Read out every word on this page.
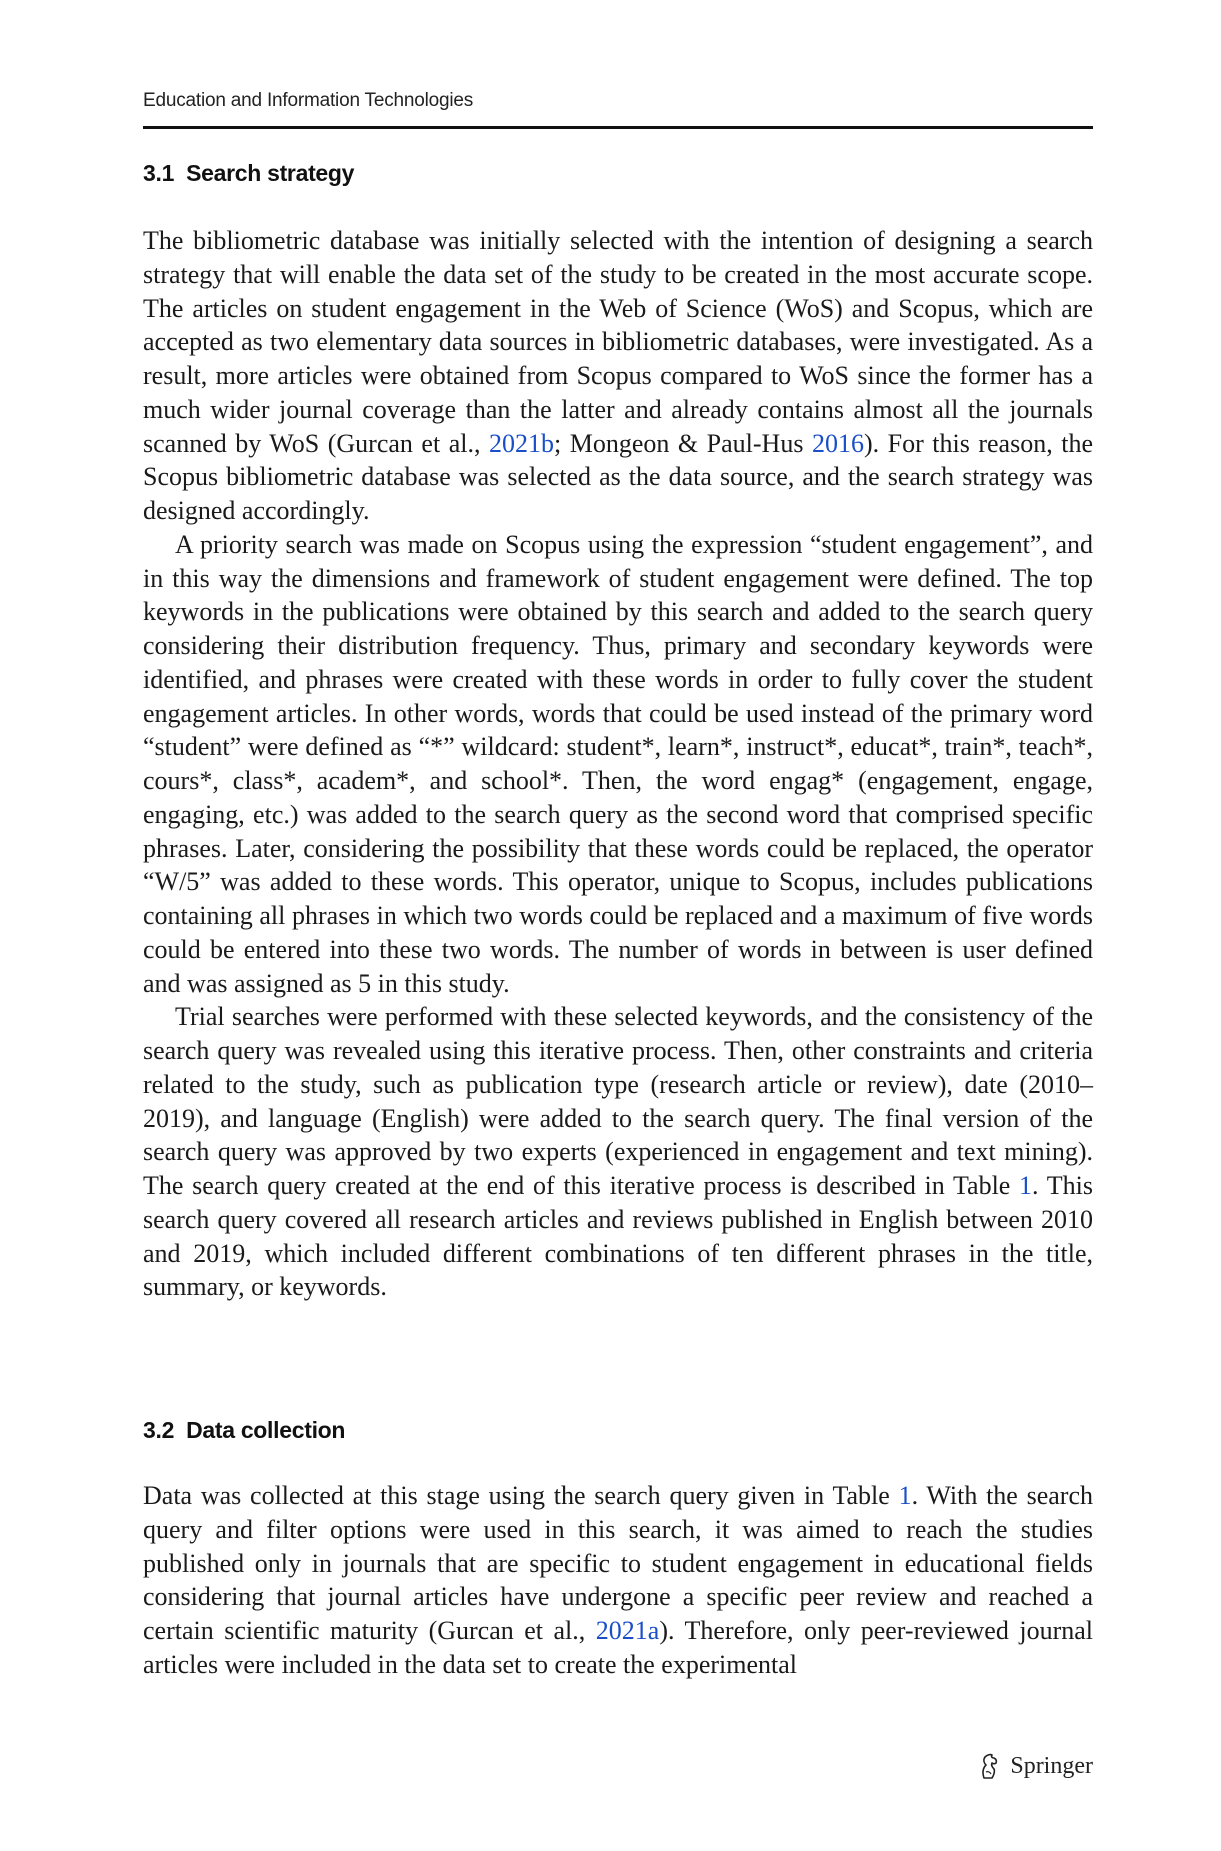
Education and Information Technologies
3.1 Search strategy

The bibliometric database was initially selected with the intention of designing a search strategy that will enable the data set of the study to be created in the most accurate scope. The articles on student engagement in the Web of Science (WoS) and Scopus, which are accepted as two elementary data sources in bibliometric databases, were investigated. As a result, more articles were obtained from Scopus compared to WoS since the former has a much wider journal coverage than the latter and already contains almost all the journals scanned by WoS (Gurcan et al., 2021b; Mongeon & Paul-Hus 2016). For this reason, the Scopus bibliometric database was selected as the data source, and the search strategy was designed accordingly.

A priority search was made on Scopus using the expression “student engagement”, and in this way the dimensions and framework of student engagement were defined. The top keywords in the publications were obtained by this search and added to the search query considering their distribution frequency. Thus, primary and secondary keywords were identified, and phrases were created with these words in order to fully cover the student engagement articles. In other words, words that could be used instead of the primary word “student” were defined as “*” wildcard: student*, learn*, instruct*, educat*, train*, teach*, cours*, class*, academ*, and school*. Then, the word engag* (engagement, engage, engaging, etc.) was added to the search query as the second word that comprised specific phrases. Later, considering the possibility that these words could be replaced, the operator “W/5” was added to these words. This operator, unique to Scopus, includes publications containing all phrases in which two words could be replaced and a maximum of five words could be entered into these two words. The number of words in between is user defined and was assigned as 5 in this study.

Trial searches were performed with these selected keywords, and the consistency of the search query was revealed using this iterative process. Then, other constraints and criteria related to the study, such as publication type (research article or review), date (2010–2019), and language (English) were added to the search query. The final version of the search query was approved by two experts (experienced in engagement and text mining). The search query created at the end of this iterative process is described in Table 1. This search query covered all research articles and reviews published in English between 2010 and 2019, which included different combinations of ten different phrases in the title, summary, or keywords.

3.2 Data collection

Data was collected at this stage using the search query given in Table 1. With the search query and filter options were used in this search, it was aimed to reach the studies published only in journals that are specific to student engagement in educational fields considering that journal articles have undergone a specific peer review and reached a certain scientific maturity (Gurcan et al., 2021a). Therefore, only peer-reviewed journal articles were included in the data set to create the experimental

Springer
